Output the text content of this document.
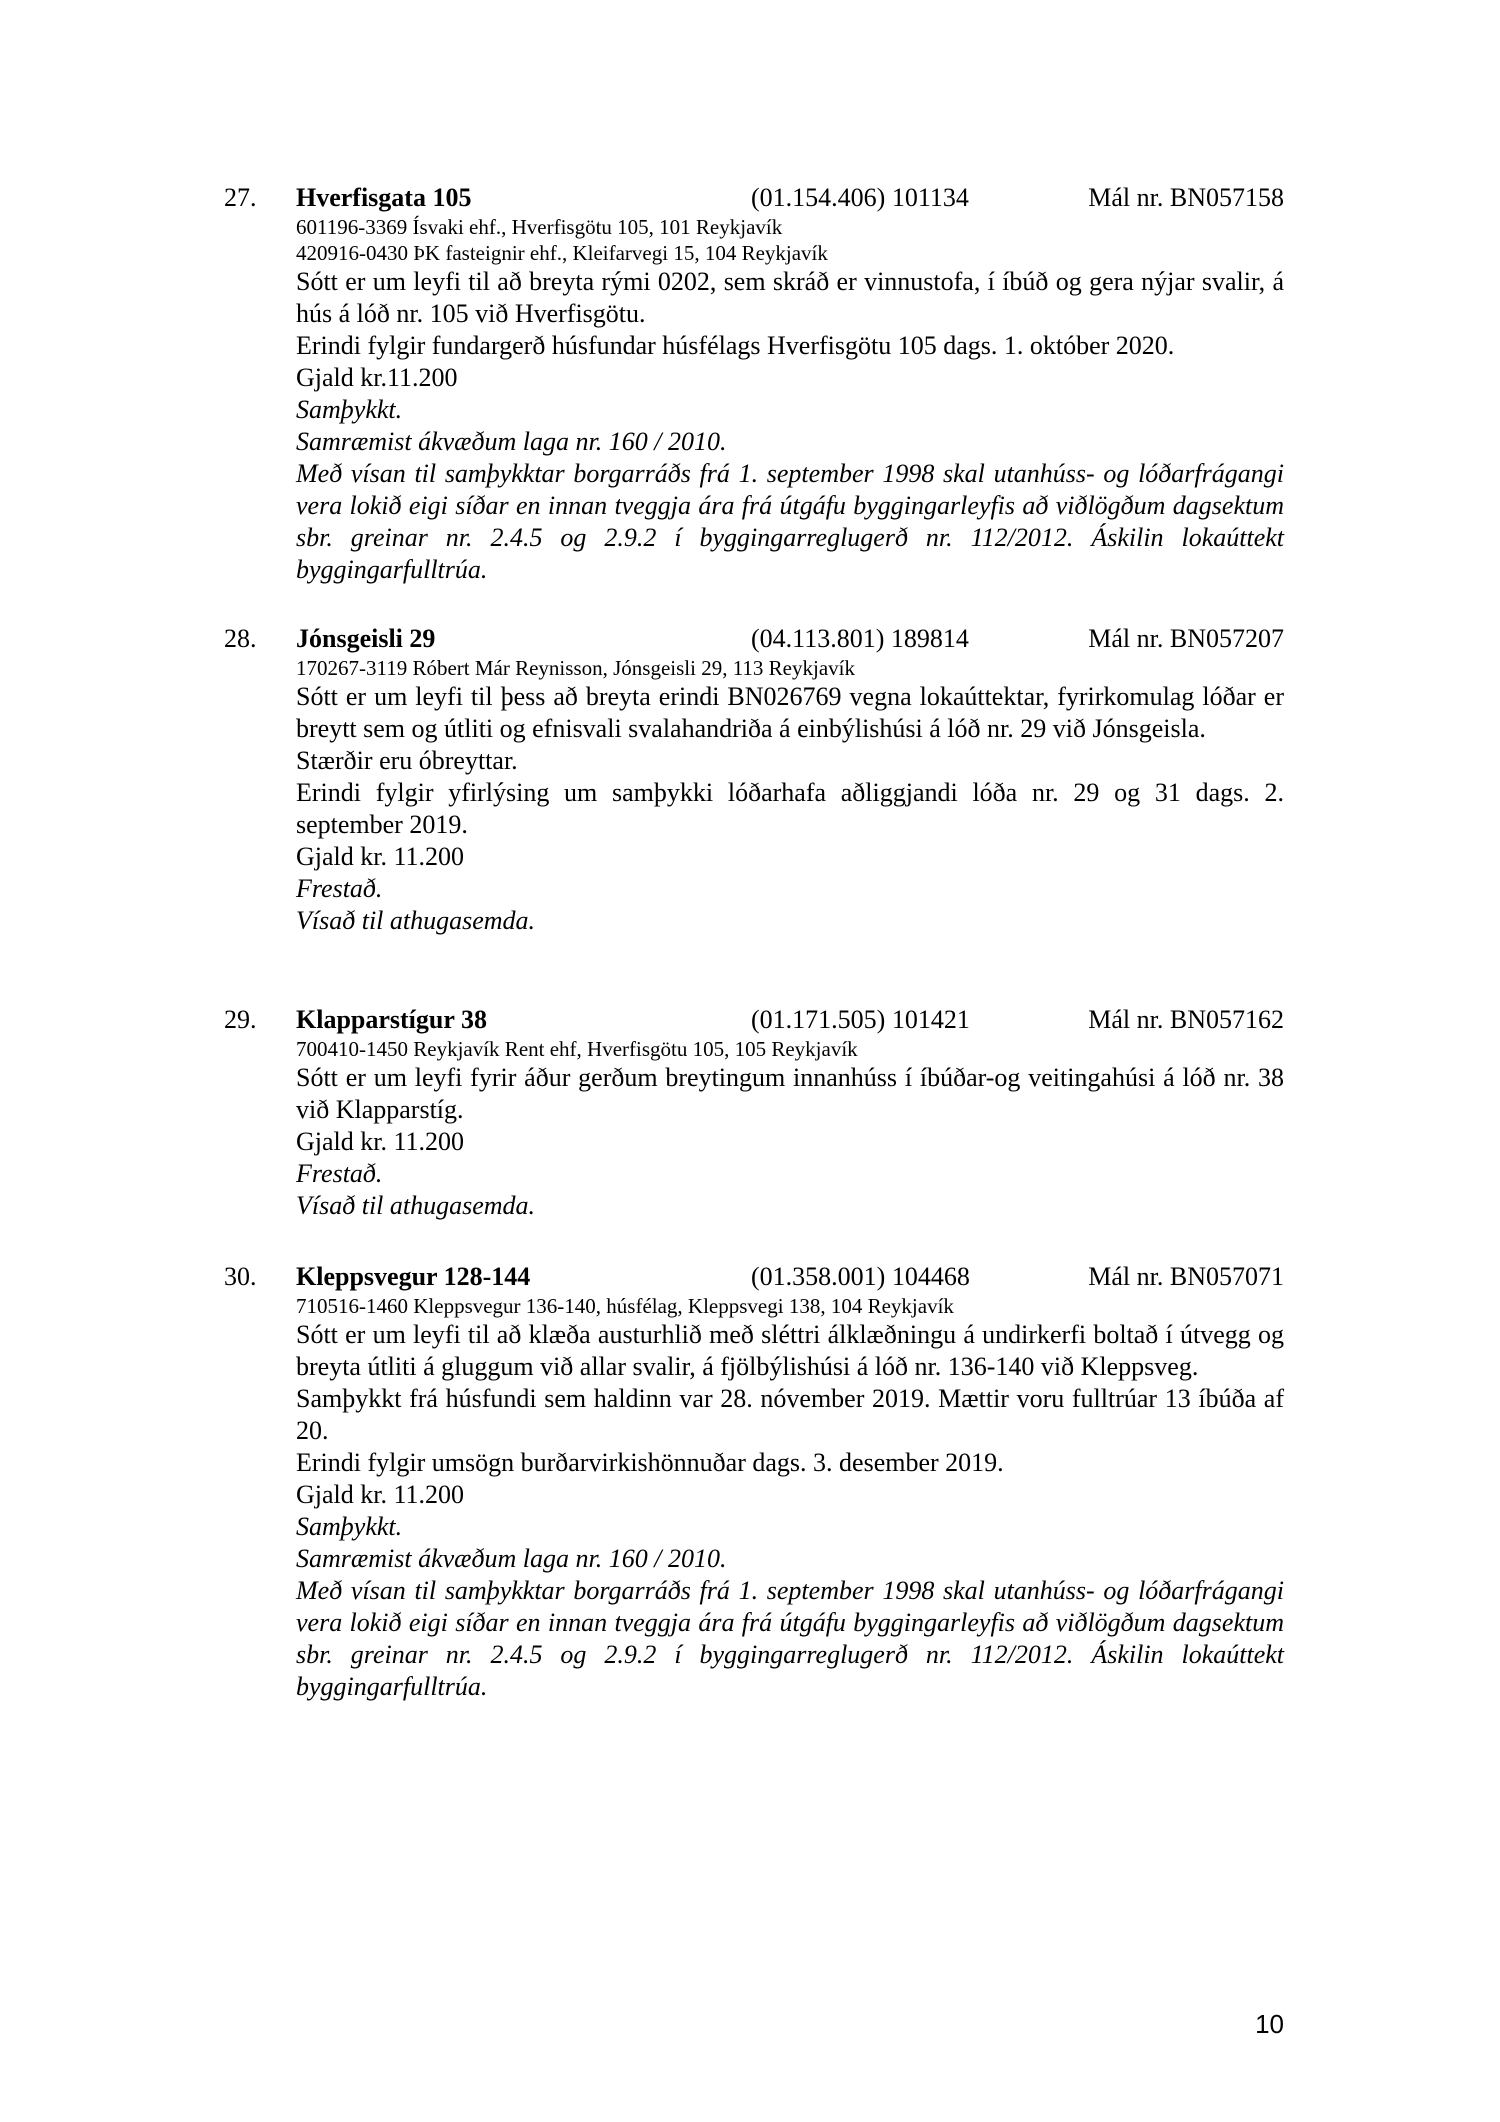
27. Hverfisgata 105	(01.154.406) 101134	Mál nr. BN057158
601196-3369 Ísvaki ehf., Hverfisgötu 105, 101 Reykjavík
420916-0430 ÞK fasteignir ehf., Kleifarvegi 15, 104 Reykjavík
Sótt er um leyfi til að breyta rými 0202, sem skráð er vinnustofa, í íbúð og gera nýjar svalir, á hús á lóð nr. 105 við Hverfisgötu.
Erindi fylgir fundargerð húsfundar húsfélags Hverfisgötu 105 dags. 1. október 2020.
Gjald kr.11.200
Samþykkt.
Samræmist ákvæðum laga nr. 160 / 2010.
Með vísan til samþykktar borgarráðs frá 1. september 1998 skal utanhúss- og lóðarfrágangi vera lokið eigi síðar en innan tveggja ára frá útgáfu byggingarleyfis að viðlögðum dagsektum sbr. greinar nr. 2.4.5 og 2.9.2 í byggingarreglugerð nr. 112/2012. Áskilin lokaúttekt byggingarfulltrúa.
28. Jónsgeisli 29	(04.113.801) 189814	Mál nr. BN057207
170267-3119 Róbert Már Reynisson, Jónsgeisli 29, 113 Reykjavík
Sótt er um leyfi til þess að breyta erindi BN026769 vegna lokaúttektar, fyrirkomulag lóðar er breytt sem og útliti og efnisvali svalahandriða á einbýlishúsi á lóð nr. 29 við Jónsgeisla.
Stærðir eru óbreyttar.
Erindi fylgir yfirlýsing um samþykki lóðarhafa aðliggjandi lóða nr. 29 og 31 dags. 2. september 2019.
Gjald kr. 11.200
Frestað.
Vísað til athugasemda.
29. Klapparstígur 38	(01.171.505) 101421	Mál nr. BN057162
700410-1450 Reykjavík Rent ehf, Hverfisgötu 105, 105 Reykjavík
Sótt er um leyfi fyrir áður gerðum breytingum innanhúss í íbúðar-og veitingahúsi á lóð nr. 38 við Klapparstíg.
Gjald kr. 11.200
Frestað.
Vísað til athugasemda.
30. Kleppsvegur 128-144	(01.358.001) 104468	Mál nr. BN057071
710516-1460 Kleppsvegur 136-140, húsfélag, Kleppsvegi 138, 104 Reykjavík
Sótt er um leyfi til að klæða austurhlið með sléttri álklæðningu á undirkerfi boltað í útvegg og breyta útliti á gluggum við allar svalir, á fjölbýlishúsi á lóð nr. 136-140 við Kleppsveg.
Samþykkt frá húsfundi sem haldinn var 28. nóvember 2019. Mættir voru fulltrúar 13 íbúða af 20.
Erindi fylgir umsögn burðarvirkishönnuðar dags. 3. desember 2019.
Gjald kr. 11.200
Samþykkt.
Samræmist ákvæðum laga nr. 160 / 2010.
Með vísan til samþykktar borgarráðs frá 1. september 1998 skal utanhúss- og lóðarfrágangi vera lokið eigi síðar en innan tveggja ára frá útgáfu byggingarleyfis að viðlögðum dagsektum sbr. greinar nr. 2.4.5 og 2.9.2 í byggingarreglugerð nr. 112/2012. Áskilin lokaúttekt byggingarfulltrúa.
10
